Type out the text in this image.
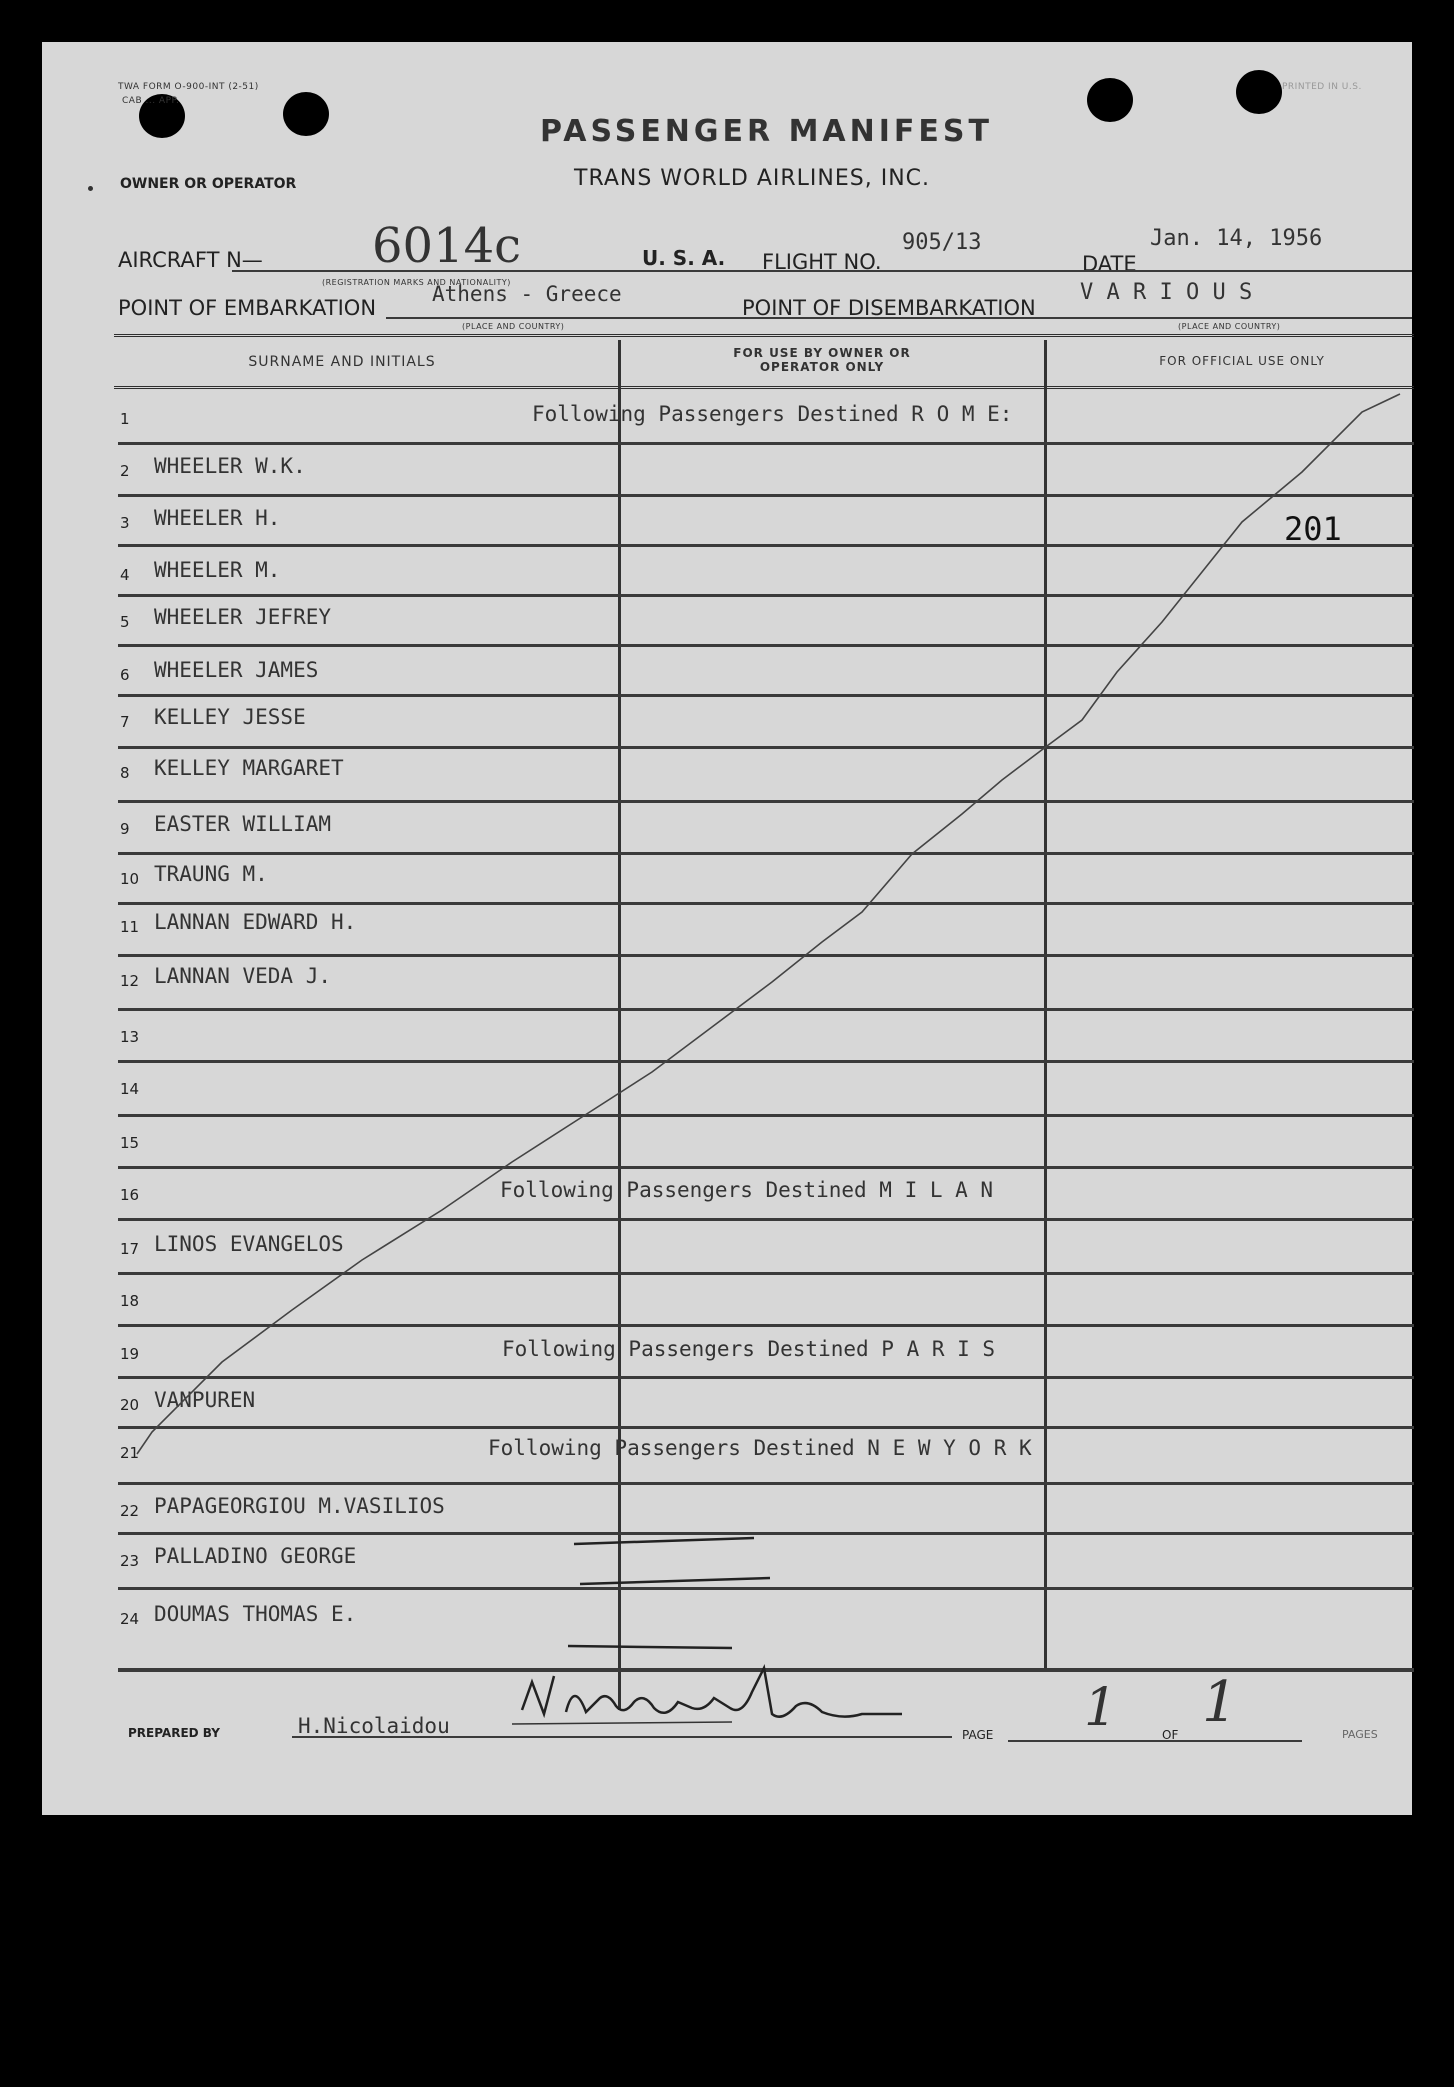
TWA FORM O-900-INT (2-51)
CAB ... APP.
PRINTED IN U.S.
PASSENGER MANIFEST
TRANS WORLD AIRLINES, INC.
OWNER OR OPERATOR
AIRCRAFT N— 6014c	U. S. A. FLIGHT NO.
905/13
DATE
Jan. 14, 1956
(REGISTRATION MARKS AND NATIONALITY)
POINT OF EMBARKATION
Athens - Greece
POINT OF DISEMBARKATION
V A R I O U S
(PLACE AND COUNTRY)	(PLACE AND COUNTRY)
SURNAME AND INITIALS
FOR USE BY OWNER OR OPERATOR ONLY	FOR OFFICIAL USE ONLY
1	Following Passengers Destined R O M E:
2	WHEELER W.K.
3	WHEELER H.
4	WHEELER M.
5	WHEELER JEFREY
6	WHEELER JAMES
7	KELLEY JESSE
8	KELLEY MARGARET
9	EASTER WILLIAM
10 TRAUNG M.
11 LANNAN EDWARD H.
12 LANNAN VEDA J.
13
14
15
16	Following Passengers Destined M I L A N
17 LINOS EVANGELOS
18
19	Following Passengers Destined P A R I S
20 VANPUREN
21	Following Passengers Destined N E W Y O R K
22 PAPAGEORGIOU M.VASILIOS
23 PALLADINO GEORGE
24 DOUMAS THOMAS E.
201
PREPARED BY	H.Nicolaidou	PAGE 1	OF 1	PAGES
